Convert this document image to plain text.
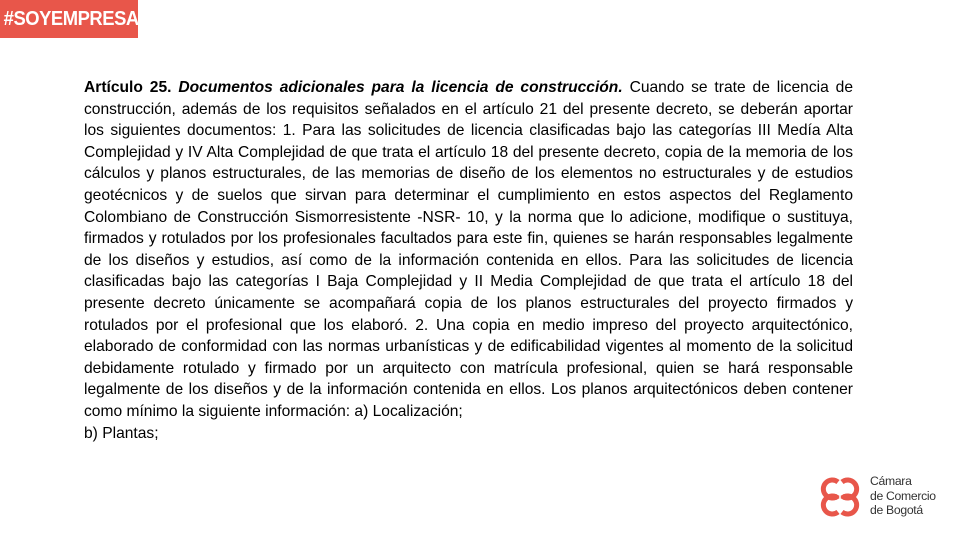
#SOYEMPRESARIO

Artículo 25. Documentos adicionales para la licencia de construcción. Cuando se trate de licencia de construcción, además de los requisitos señalados en el artículo 21 del presente decreto, se deberán aportar los siguientes documentos: 1. Para las solicitudes de licencia clasificadas bajo las categorías III Medía Alta Complejidad y IV Alta Complejidad de que trata el artículo 18 del presente decreto, copia de la memoria de los cálculos y planos estructurales, de las memorias de diseño de los elementos no estructurales y de estudios geotécnicos y de suelos que sirvan para determinar el cumplimiento en estos aspectos del Reglamento Colombiano de Construcción Sismorresistente -NSR- 10, y la norma que lo adicione, modifique o sustituya, firmados y rotulados por los profesionales facultados para este fin, quienes se harán responsables legalmente de los diseños y estudios, así como de la información contenida en ellos. Para las solicitudes de licencia clasificadas bajo las categorías I Baja Complejidad y II Media Complejidad de que trata el artículo 18 del presente decreto únicamente se acompañará copia de los planos estructurales del proyecto firmados y rotulados por el profesional que los elaboró. 2. Una copia en medio impreso del proyecto arquitectónico, elaborado de conformidad con las normas urbanísticas y de edificabilidad vigentes al momento de la solicitud debidamente rotulado y firmado por un arquitecto con matrícula profesional, quien se hará responsable legalmente de los diseños y de la información contenida en ellos. Los planos arquitectónicos deben contener como mínimo la siguiente información: a) Localización;

b) Plantas;

Cámara
de Comercio
de Bogotá
